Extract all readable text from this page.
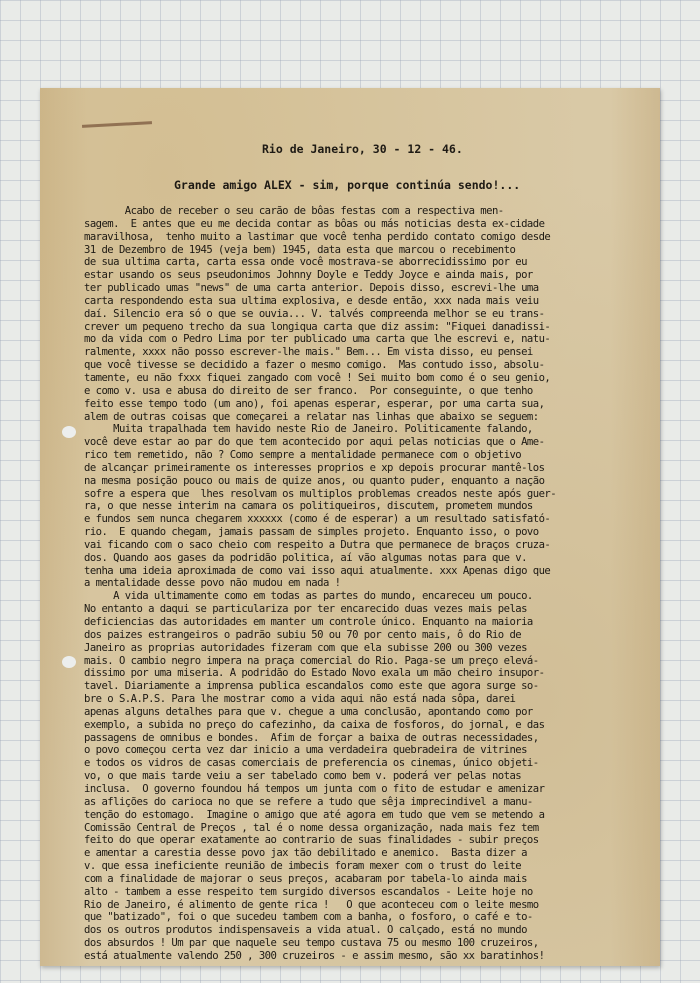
Rio de Janeiro, 30 - 12 - 46.
Grande amigo ALEX - sim, porque continúa sendo!...
Acabo de receber o seu carão de bôas festas com a respectiva men-
sagem.  E antes que eu me decida contar as bôas ou más noticias desta ex-cidade
maravilhosa,  tenho muito a lastimar que você tenha perdido contato comigo desde
31 de Dezembro de 1945 (veja bem) 1945, data esta que marcou o recebimento
de sua ultima carta, carta essa onde você mostrava-se aborrecidissimo por eu
estar usando os seus pseudonimos Johnny Doyle e Teddy Joyce e ainda mais, por
ter publicado umas "news" de uma carta anterior. Depois disso, escrevi-lhe uma
carta respondendo esta sua ultima explosiva, e desde então, xxx nada mais veiu
daí. Silencio era só o que se ouvia... V. talvés compreenda melhor se eu trans-
crever um pequeno trecho da sua longiqua carta que diz assim: "Fiquei danadissi-
mo da vida com o Pedro Lima por ter publicado uma carta que lhe escrevi e, natu-
ralmente, xxxx não posso escrever-lhe mais." Bem... Em vista disso, eu pensei
que você tivesse se decidido a fazer o mesmo comigo.  Mas contudo isso, absolu-
tamente, eu não fxxx fiquei zangado com você ! Sei muito bom como é o seu genio,
e como v. usa e abusa do direito de ser franco.  Por conseguinte, o que tenho
feito esse tempo todo (um ano), foi apenas esperar, esperar, por uma carta sua,
alem de outras coisas que começarei a relatar nas linhas que abaixo se seguem:
Muita trapalhada tem havido neste Rio de Janeiro. Politicamente falando,
você deve estar ao par do que tem acontecido por aqui pelas noticias que o Ame-
rico tem remetido, não ? Como sempre a mentalidade permanece com o objetivo
de alcançar primeiramente os interesses proprios e xp depois procurar mantê-los
na mesma posição pouco ou mais de quize anos, ou quanto puder, enquanto a nação
sofre a espera que  lhes resolvam os multiplos problemas creados neste após guer-
ra, o que nesse interim na camara os politiqueiros, discutem, prometem mundos
e fundos sem nunca chegarem xxxxxx (como é de esperar) a um resultado satisfató-
rio.  E quando chegam, jamais passam de simples projeto. Enquanto isso, o povo
vai ficando com o saco cheio com respeito a Dutra que permanece de braços cruza-
dos. Quando aos gases da podridão politica, aí vão algumas notas para que v.
tenha uma ideia aproximada de como vai isso aqui atualmente. xxx Apenas digo que
a mentalidade desse povo não mudou em nada !
A vida ultimamente como em todas as partes do mundo, encareceu um pouco.
No entanto a daqui se particulariza por ter encarecido duas vezes mais pelas
deficiencias das autoridades em manter um controle único. Enquanto na maioria
dos paizes estrangeiros o padrão subiu 50 ou 70 por cento mais, ô do Rio de
Janeiro as proprias autoridades fizeram com que ela subisse 200 ou 300 vezes
mais. O cambio negro impera na praça comercial do Rio. Paga-se um preço elevá-
dissimo por uma miseria. A podridão do Estado Novo exala um mão cheiro insupor-
tavel. Diariamente a imprensa publica escandalos como este que agora surge so-
bre o S.A.P.S. Para lhe mostrar como a vida aqui não está nada sôpa, darei
apenas alguns detalhes para que v. chegue a uma conclusão, apontando como por
exemplo, a subida no preço do cafezinho, da caixa de fosforos, do jornal, e das
passagens de omnibus e bondes.  Afim de forçar a baixa de outras necessidades,
o povo começou certa vez dar inicio a uma verdadeira quebradeira de vitrines
e todos os vidros de casas comerciais de preferencia os cinemas, único objeti-
vo, o que mais tarde veiu a ser tabelado como bem v. poderá ver pelas notas
inclusa.  O governo foundou há tempos um junta com o fito de estudar e amenizar
as aflições do carioca no que se refere a tudo que sêja imprecindivel a manu-
tenção do estomago.  Imagine o amigo que até agora em tudo que vem se metendo a
Comissão Central de Preços , tal é o nome dessa organização, nada mais fez tem
feito do que operar exatamente ao contrario de suas finalidades - subir preços
e amentar a carestia desse povo jax tão debilitado e anemico.  Basta dizer a
v. que essa ineficiente reunião de imbecis foram mexer com o trust do leite
com a finalidade de majorar o seus preços, acabaram por tabela-lo ainda mais
alto - tambem a esse respeito tem surgido diversos escandalos - Leite hoje no
Rio de Janeiro, é alimento de gente rica !   O que aconteceu com o leite mesmo
que "batizado", foi o que sucedeu tambem com a banha, o fosforo, o café e to-
dos os outros produtos indispensaveis a vida atual. O calçado, está no mundo
dos absurdos ! Um par que naquele seu tempo custava 75 ou mesmo 100 cruzeiros,
está atualmente valendo 250 , 300 cruzeiros - e assim mesmo, são xx baratinhos!
